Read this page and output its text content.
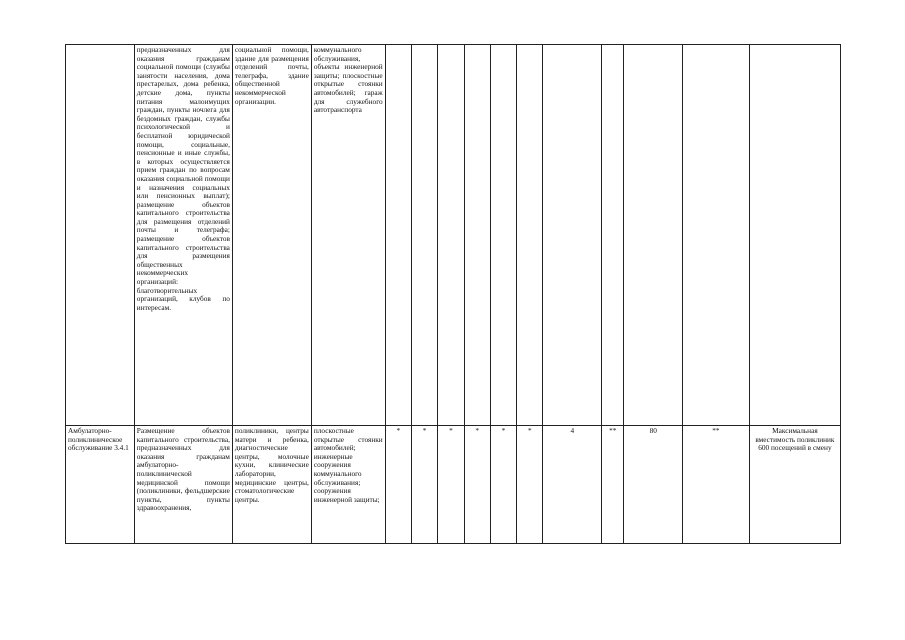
	предназначенных для оказания гражданам социальной помощи (службы занятости населения, дома престарелых, дома ребенка, детские дома, пункты питания малоимущих граждан, пункты ночлега для бездомных граждан, службы психологической и бесплатной юридической помощи, социальные, пенсионные и иные службы, в которых осуществляется прием граждан по вопросам оказания социальной помощи и назначения социальных или пенсионных выплат); размещение объектов капитального строительства для размещения отделений почты и телеграфа; размещение объектов капитального строительства для размещения общественных некоммерческих организаций: благотворительных организаций, клубов по интересам.	социальной помощи, здание для размещения отделений почты, телеграфа, здание общественной некоммерческой организации.	коммунального обслуживания, объекты инженерной защиты; плоскостные открытые стоянки автомобилей; гараж для служебного автотранспорта											
Амбулаторно-поликлиническое обслуживание 3.4.1	Размещение объектов капитального строительства, предназначенных для оказания гражданам амбулаторно-поликлинической медицинской помощи (поликлиники, фельдшерские пункты, пункты здравоохранения,	поликлиники, центры матери и ребенка, диагностические центры, молочные кухни, клинические лаборатории, медицинские центры, стоматологические центры.	плоскостные открытые стоянки автомобилей; инженерные сооружения коммунального обслуживания; сооружения инженерной защиты;	*	*	*	*	*	*	4	**	80	**	Максимальная вместимость поликлиник 600 посещений в смену
